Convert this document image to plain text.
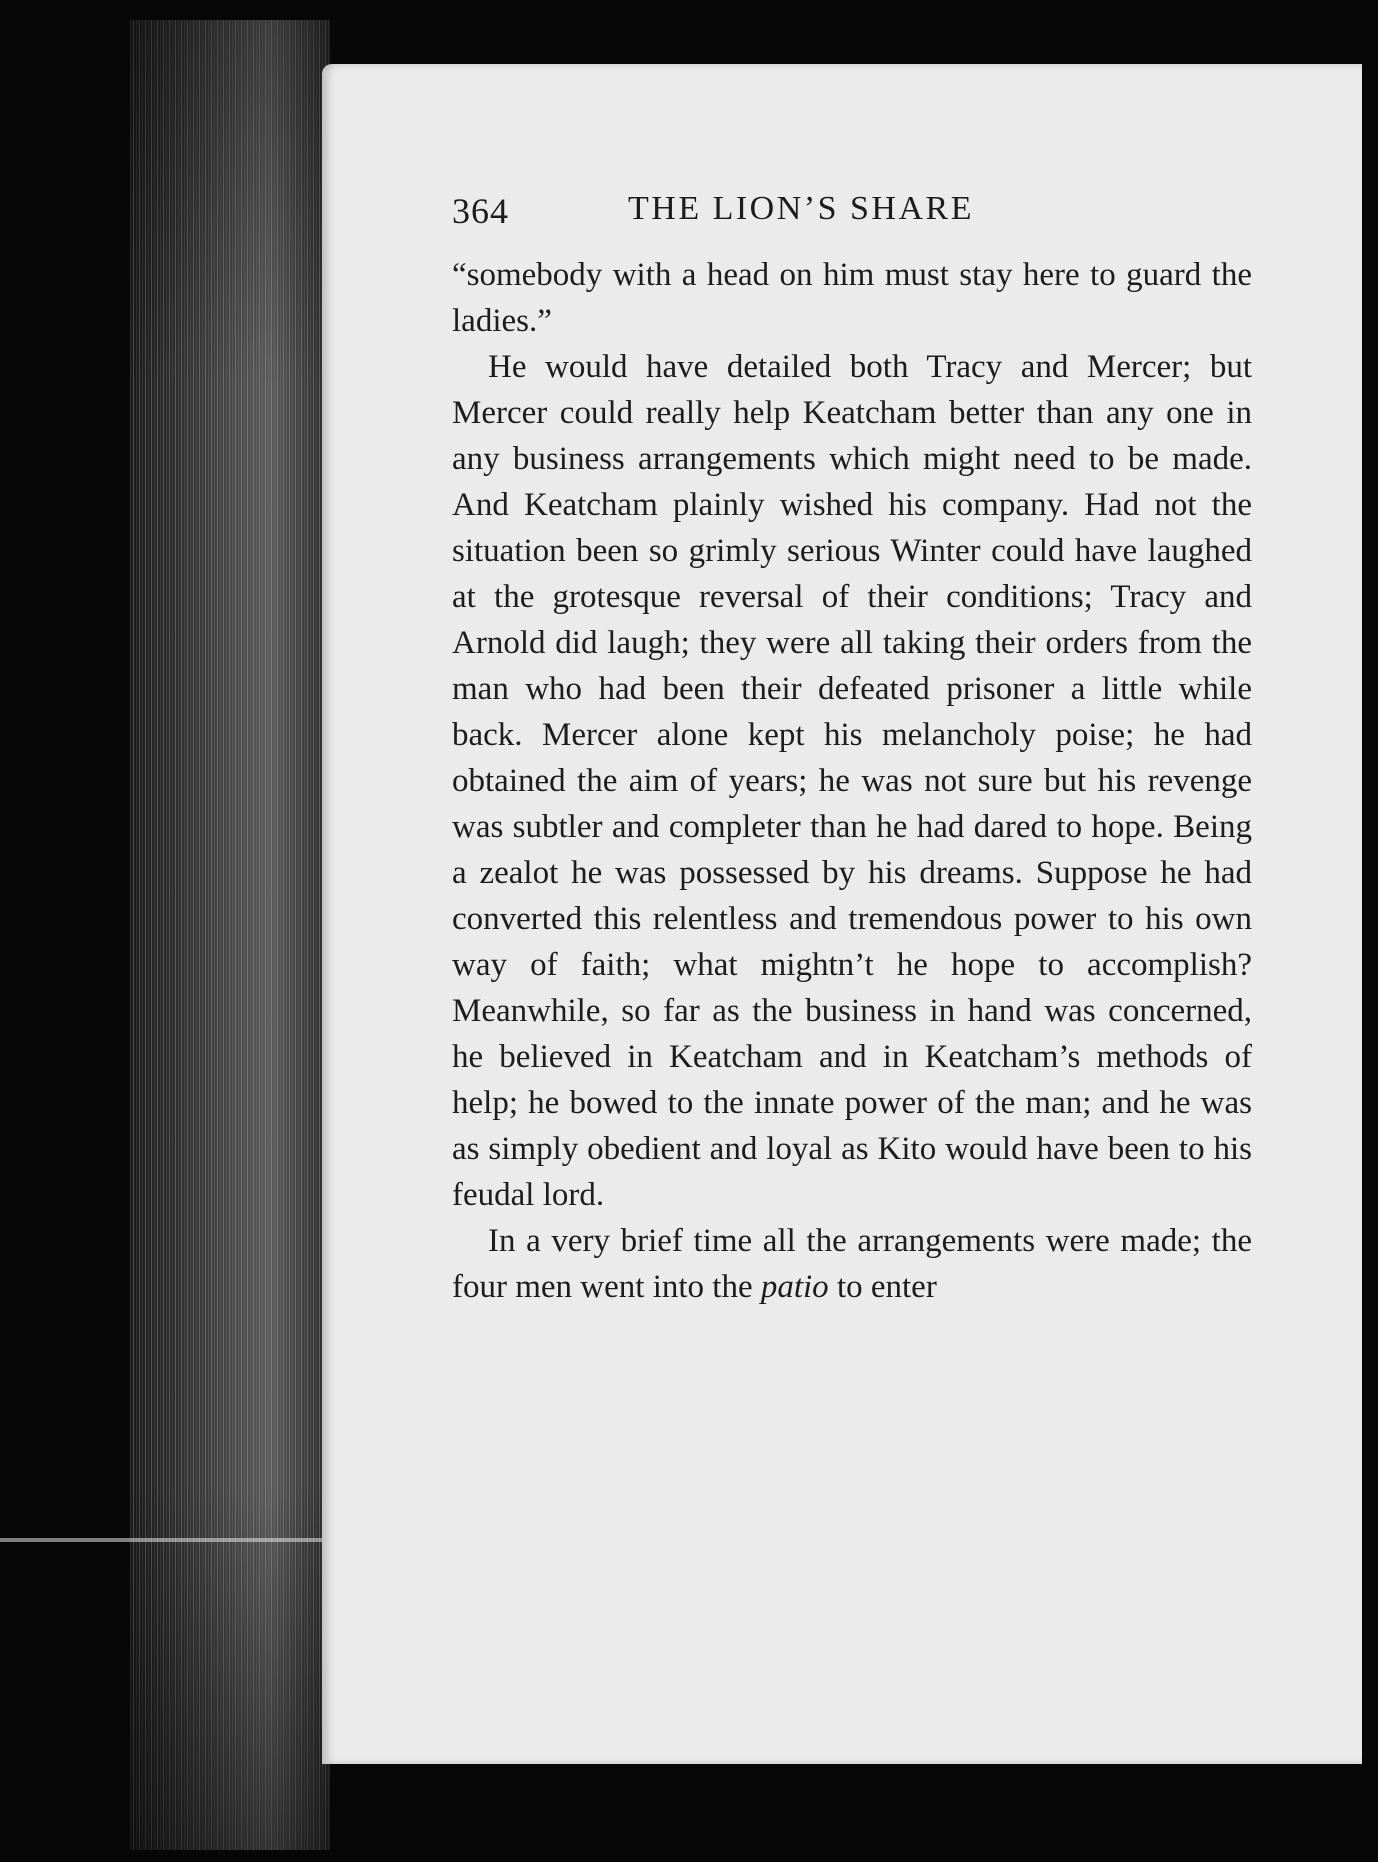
364	THE LION’S SHARE

“somebody with a head on him must stay here to guard the ladies.”

He would have detailed both Tracy and Mercer; but Mercer could really help Keatcham better than any one in any business arrangements which might need to be made. And Keatcham plainly wished his company. Had not the situation been so grimly serious Winter could have laughed at the grotesque reversal of their conditions; Tracy and Arnold did laugh; they were all taking their orders from the man who had been their defeated prisoner a little while back. Mercer alone kept his melancholy poise; he had obtained the aim of years; he was not sure but his revenge was subtler and completer than he had dared to hope. Being a zealot he was possessed by his dreams. Suppose he had converted this relentless and tremendous power to his own way of faith; what mightn’t he hope to accomplish? Meanwhile, so far as the business in hand was concerned, he believed in Keatcham and in Keatcham’s methods of help; he bowed to the innate power of the man; and he was as simply obedient and loyal as Kito would have been to his feudal lord.

In a very brief time all the arrangements were made; the four men went into the patio to enter
